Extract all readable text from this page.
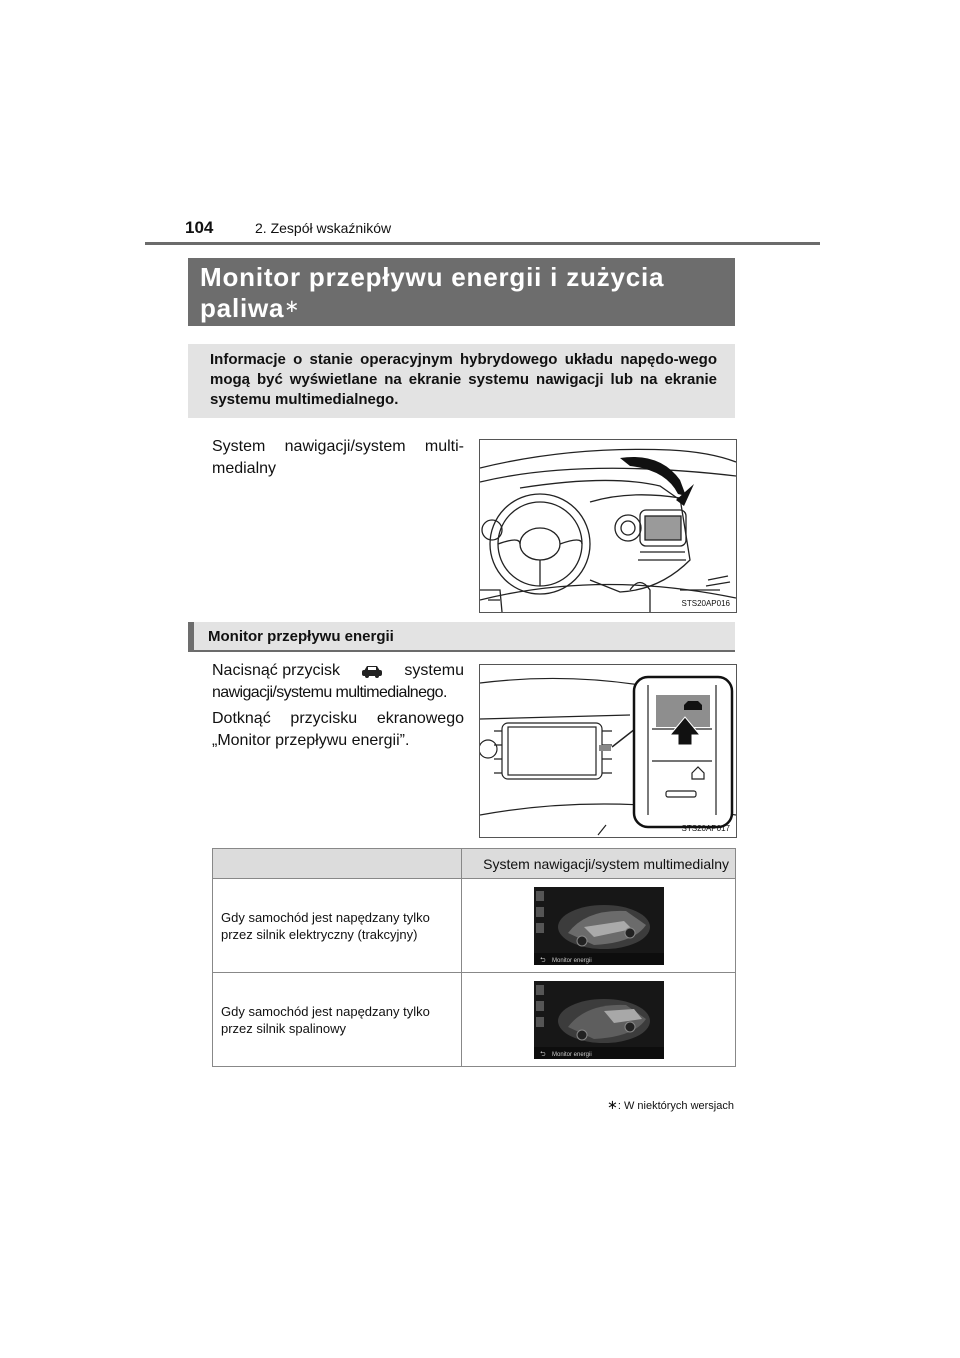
104	2. Zespół wskaźników
Monitor przepływu energii i zużycia paliwa∗
Informacje o stanie operacyjnym hybrydowego układu napędo-wego mogą być wyświetlane na ekranie systemu nawigacji lub na ekranie systemu multimedialnego.
System nawigacji/system multi-medialny
STS20AP016
Monitor przepływu energii
Nacisnąć przycisk	systemu
nawigacji/systemu multimedialnego.
Dotknąć przycisku ekranowego „Monitor przepływu energii”.
STS20AP017
	System nawigacji/system multimedialny
Gdy samochód jest napędzany tylko przez silnik elektryczny (trakcyjny)	⮌ Monitor energii

Gdy samochód jest napędzany tylko przez silnik spalinowy	⮌ Monitor energii
∗: W niektórych wersjach
